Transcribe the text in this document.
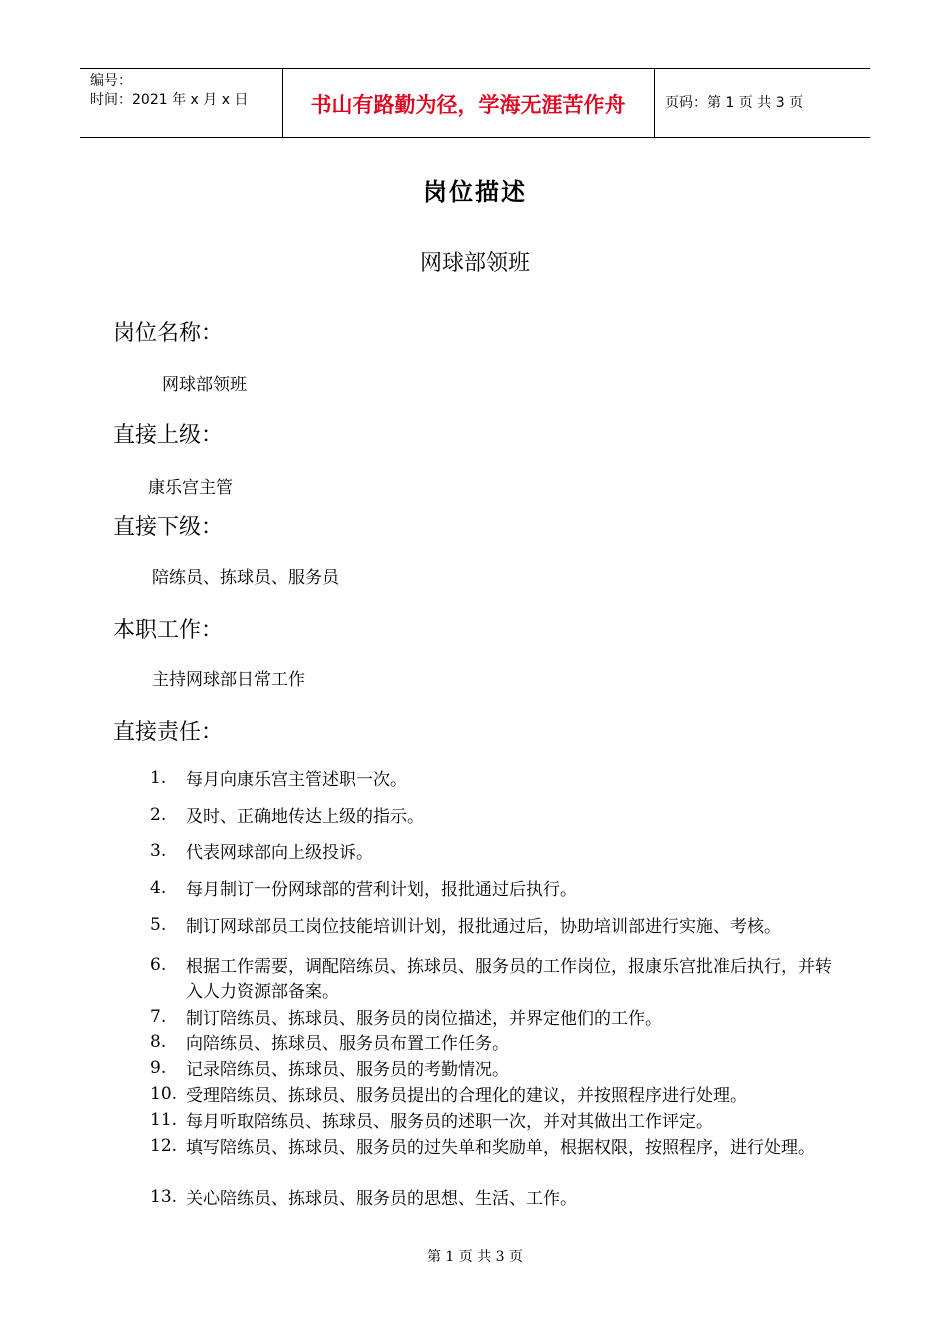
编号：
时间：2021 年 x 月 x 日	书山有路勤为径，学海无涯苦作舟	页码：第 1 页 共 3 页
岗位描述
网球部领班
岗位名称：
网球部领班
直接上级：
康乐宫主管
直接下级：
陪练员、拣球员、服务员
本职工作：
主持网球部日常工作
直接责任：
1.	每月向康乐宫主管述职一次。
2.	及时、正确地传达上级的指示。
3.	代表网球部向上级投诉。
4.	每月制订一份网球部的营利计划，报批通过后执行。
5.	制订网球部员工岗位技能培训计划，报批通过后，协助培训部进行实施、考核。
6.	根据工作需要，调配陪练员、拣球员、服务员的工作岗位，报康乐宫批准后执行，并转入人力资源部备案。
7.	制订陪练员、拣球员、服务员的岗位描述，并界定他们的工作。
8.	向陪练员、拣球员、服务员布置工作任务。
9.	记录陪练员、拣球员、服务员的考勤情况。
10. 受理陪练员、拣球员、服务员提出的合理化的建议，并按照程序进行处理。
11. 每月听取陪练员、拣球员、服务员的述职一次，并对其做出工作评定。
12. 填写陪练员、拣球员、服务员的过失单和奖励单，根据权限，按照程序，进行处理。
13. 关心陪练员、拣球员、服务员的思想、生活、工作。
第 1 页 共 3 页
